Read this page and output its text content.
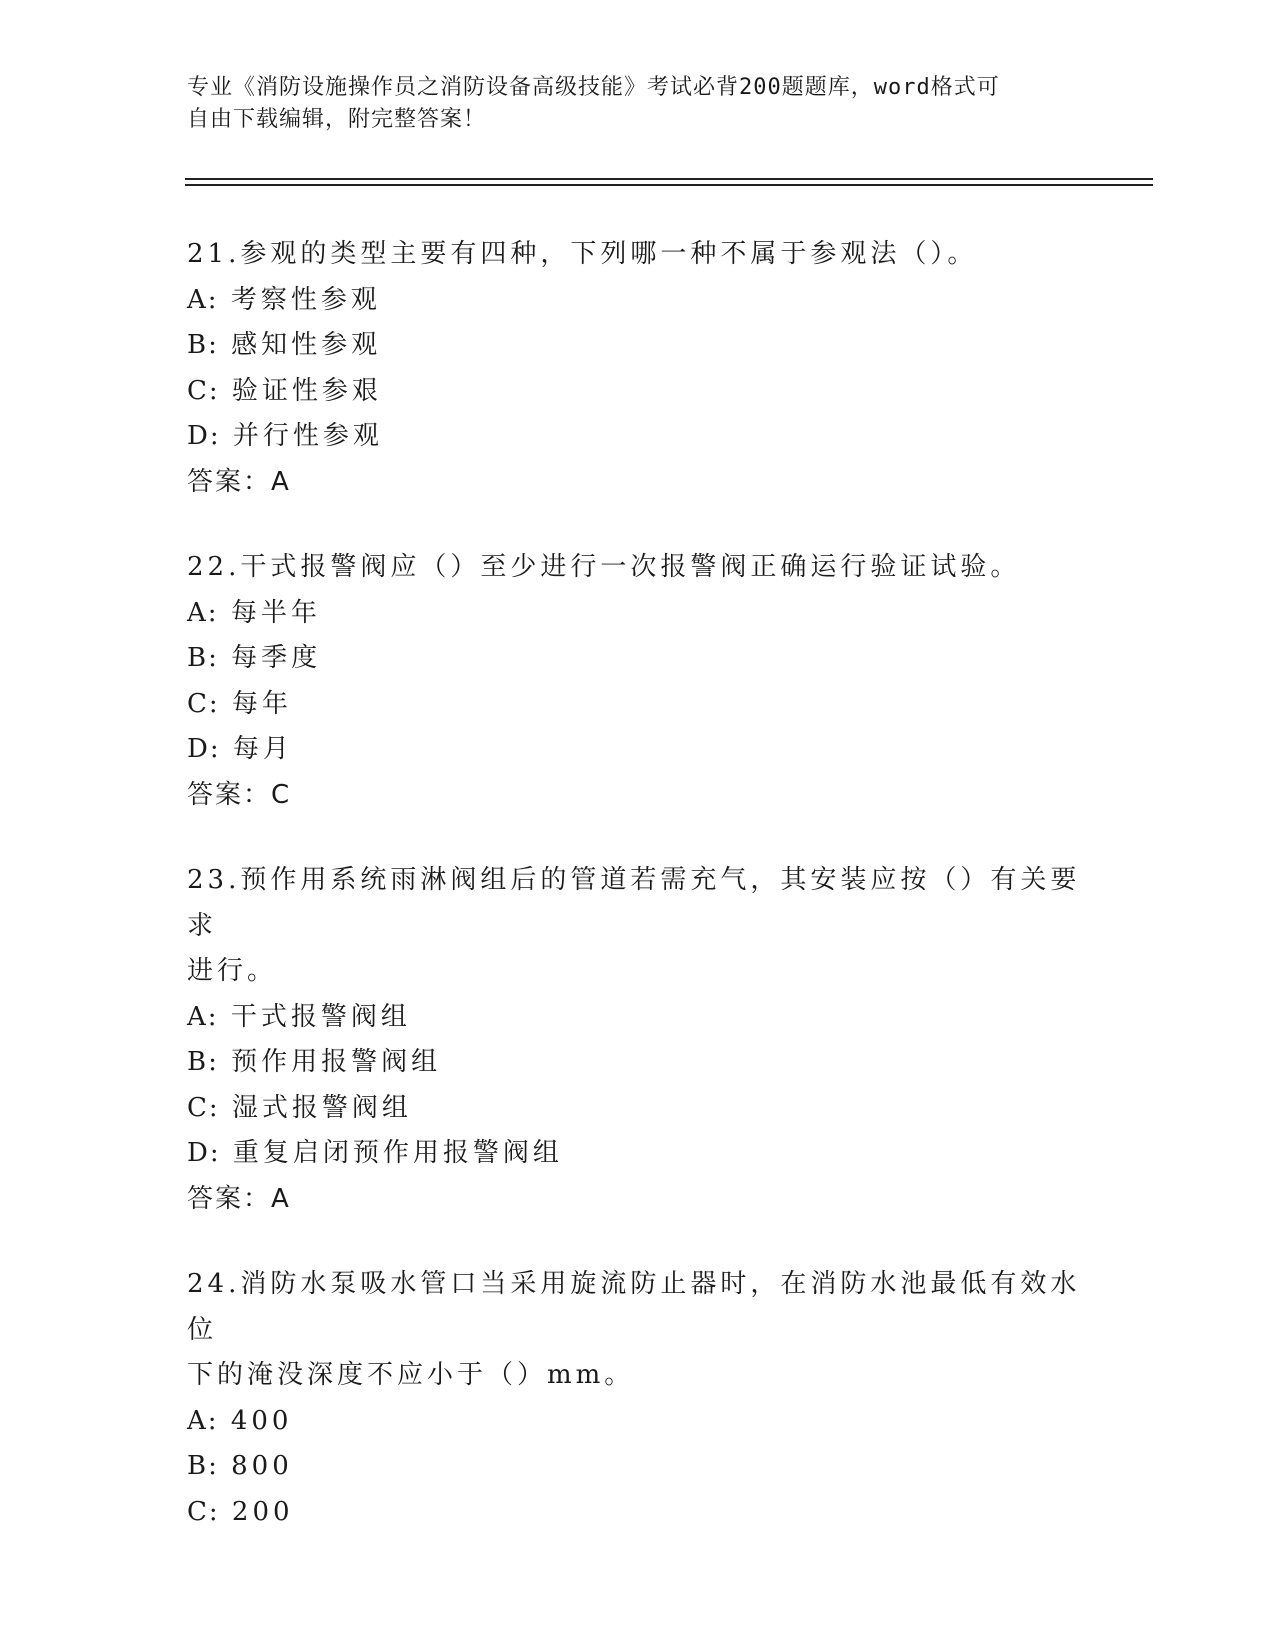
专业《消防设施操作员之消防设备高级技能》考试必背200题题库，word格式可
自由下载编辑，附完整答案！
21.参观的类型主要有四种，下列哪一种不属于参观法（）。
A: 考察性参观
B: 感知性参观
C: 验证性参艰
D: 并行性参观
答案：A
22.干式报警阀应（）至少进行一次报警阀正确运行验证试验。
A: 每半年
B: 每季度
C: 每年
D: 每月
答案：C
23.预作用系统雨淋阀组后的管道若需充气，其安装应按（）有关要求
进行。
A: 干式报警阀组
B: 预作用报警阀组
C: 湿式报警阀组
D: 重复启闭预作用报警阀组
答案：A
24.消防水泵吸水管口当采用旋流防止器时，在消防水池最低有效水位
下的淹没深度不应小于（）mm。
A: 400
B: 800
C: 200
